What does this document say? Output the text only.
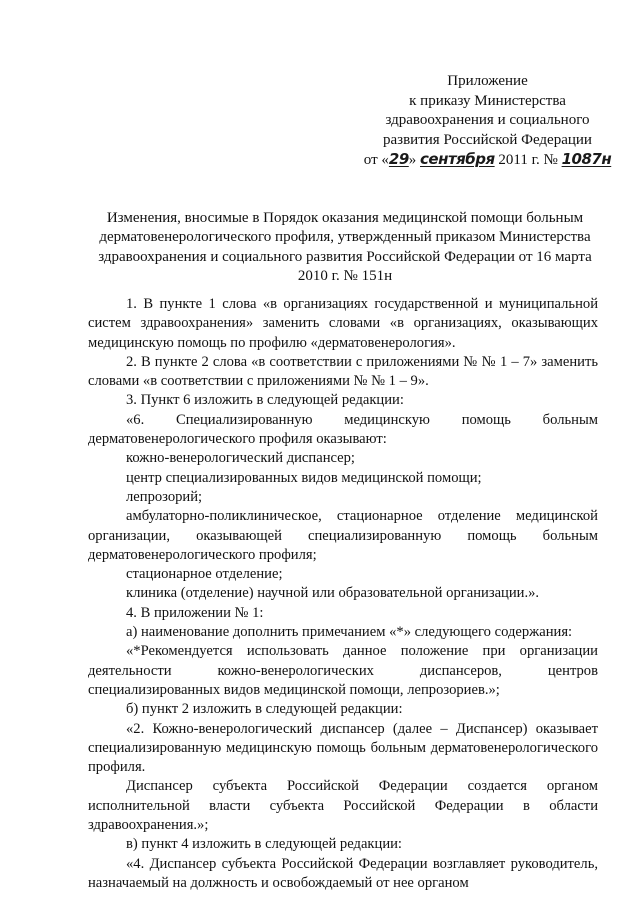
Приложение
к приказу Министерства
здравоохранения и социального
развития Российской Федерации
от «29» сентября 2011 г. № 1087н
Изменения, вносимые в Порядок оказания медицинской помощи больным
дерматовенерологического профиля, утвержденный приказом Министерства
здравоохранения и социального развития Российской Федерации от 16 марта
2010 г. № 151н

1. В пункте 1 слова «в организациях государственной и муниципальной систем здравоохранения» заменить словами «в организациях, оказывающих медицинскую помощь по профилю «дерматовенерология».

2. В пункте 2 слова «в соответствии с приложениями № № 1 – 7» заменить словами «в соответствии с приложениями № № 1 – 9».

3. Пункт 6 изложить в следующей редакции:

«6. Специализированную медицинскую помощь больным дерматовенерологического профиля оказывают:

кожно-венерологический диспансер;

центр специализированных видов медицинской помощи;

лепрозорий;

амбулаторно-поликлиническое, стационарное отделение медицинской организации, оказывающей специализированную помощь больным дерматовенерологического профиля;

стационарное отделение;

клиника (отделение) научной или образовательной организации.».

4. В приложении № 1:

а) наименование дополнить примечанием «*» следующего содержания:

«*Рекомендуется использовать данное положение при организации деятельности кожно-венерологических диспансеров, центров специализированных видов медицинской помощи, лепрозориев.»;

б) пункт 2 изложить в следующей редакции:

«2. Кожно-венерологический диспансер (далее – Диспансер) оказывает специализированную медицинскую помощь больным дерматовенерологического профиля.

Диспансер субъекта Российской Федерации создается органом исполнительной власти субъекта Российской Федерации в области здравоохранения.»;

в) пункт 4 изложить в следующей редакции:

«4. Диспансер субъекта Российской Федерации возглавляет руководитель, назначаемый на должность и освобождаемый от нее органом
